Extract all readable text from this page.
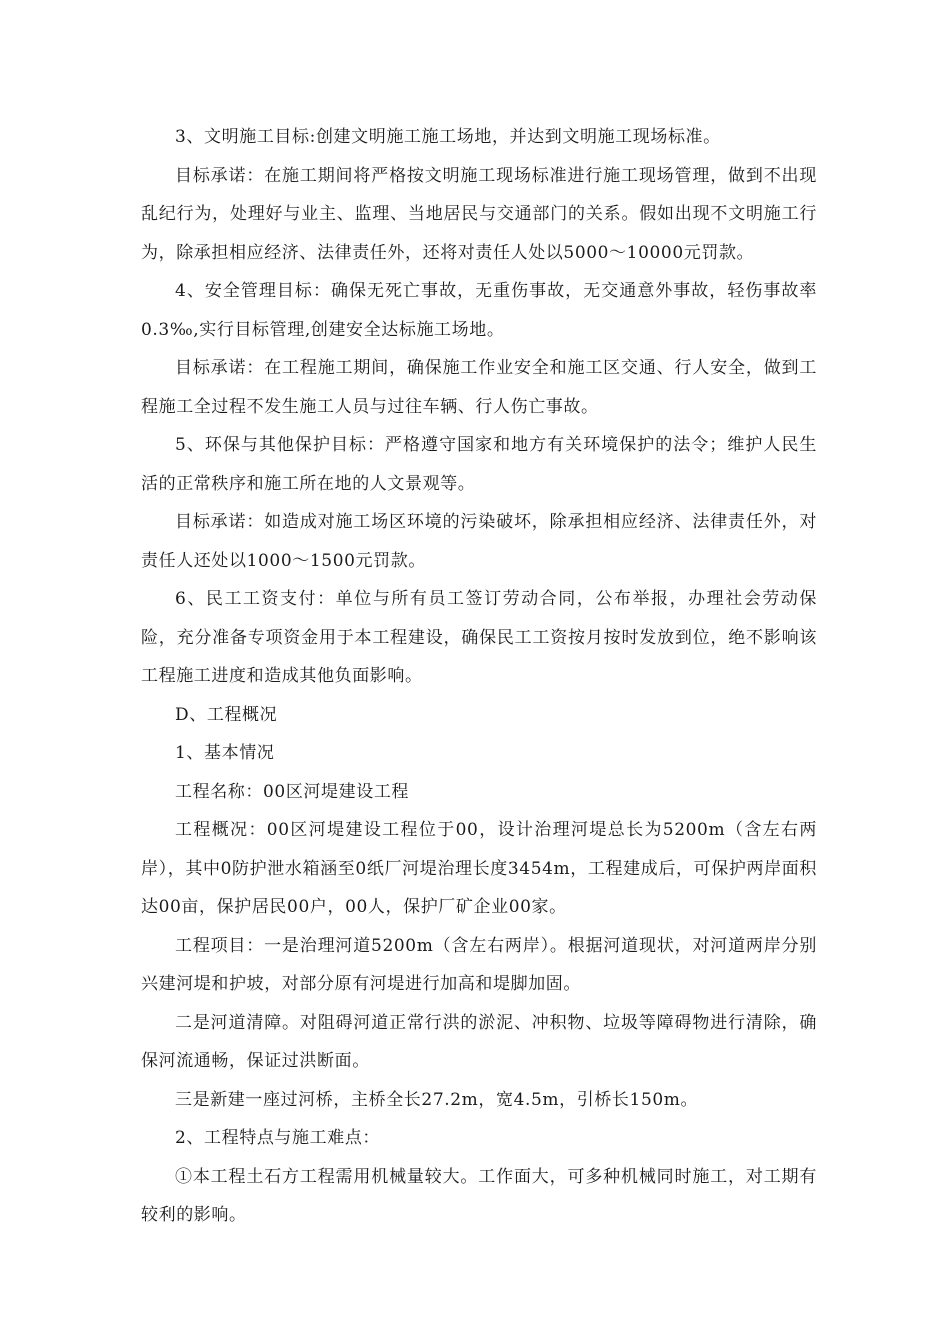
3、文明施工目标:创建文明施工施工场地，并达到文明施工现场标准。

目标承诺：在施工期间将严格按文明施工现场标准进行施工现场管理，做到不出现乱纪行为，处理好与业主、监理、当地居民与交通部门的关系。假如出现不文明施工行为，除承担相应经济、法律责任外，还将对责任人处以5000～10000元罚款。

4、安全管理目标：确保无死亡事故，无重伤事故，无交通意外事故，轻伤事故率0.3‰,实行目标管理,创建安全达标施工场地。

目标承诺：在工程施工期间，确保施工作业安全和施工区交通、行人安全，做到工程施工全过程不发生施工人员与过往车辆、行人伤亡事故。

5、环保与其他保护目标：严格遵守国家和地方有关环境保护的法令；维护人民生活的正常秩序和施工所在地的人文景观等。

目标承诺：如造成对施工场区环境的污染破坏，除承担相应经济、法律责任外，对责任人还处以1000～1500元罚款。

6、民工工资支付：单位与所有员工签订劳动合同，公布举报，办理社会劳动保险，充分准备专项资金用于本工程建设，确保民工工资按月按时发放到位，绝不影响该工程施工进度和造成其他负面影响。

D、工程概况

1、基本情况

工程名称：00区河堤建设工程

工程概况：00区河堤建设工程位于00，设计治理河堤总长为5200m（含左右两岸），其中0防护泄水箱涵至0纸厂河堤治理长度3454m，工程建成后，可保护两岸面积达00亩，保护居民00户，00人，保护厂矿企业00家。

工程项目：一是治理河道5200m（含左右两岸）。根据河道现状，对河道两岸分别兴建河堤和护坡，对部分原有河堤进行加高和堤脚加固。

二是河道清障。对阻碍河道正常行洪的淤泥、冲积物、垃圾等障碍物进行清除，确保河流通畅，保证过洪断面。

三是新建一座过河桥，主桥全长27.2m，宽4.5m，引桥长150m。

2、工程特点与施工难点：

①本工程土石方工程需用机械量较大。工作面大，可多种机械同时施工，对工期有较利的影响。
